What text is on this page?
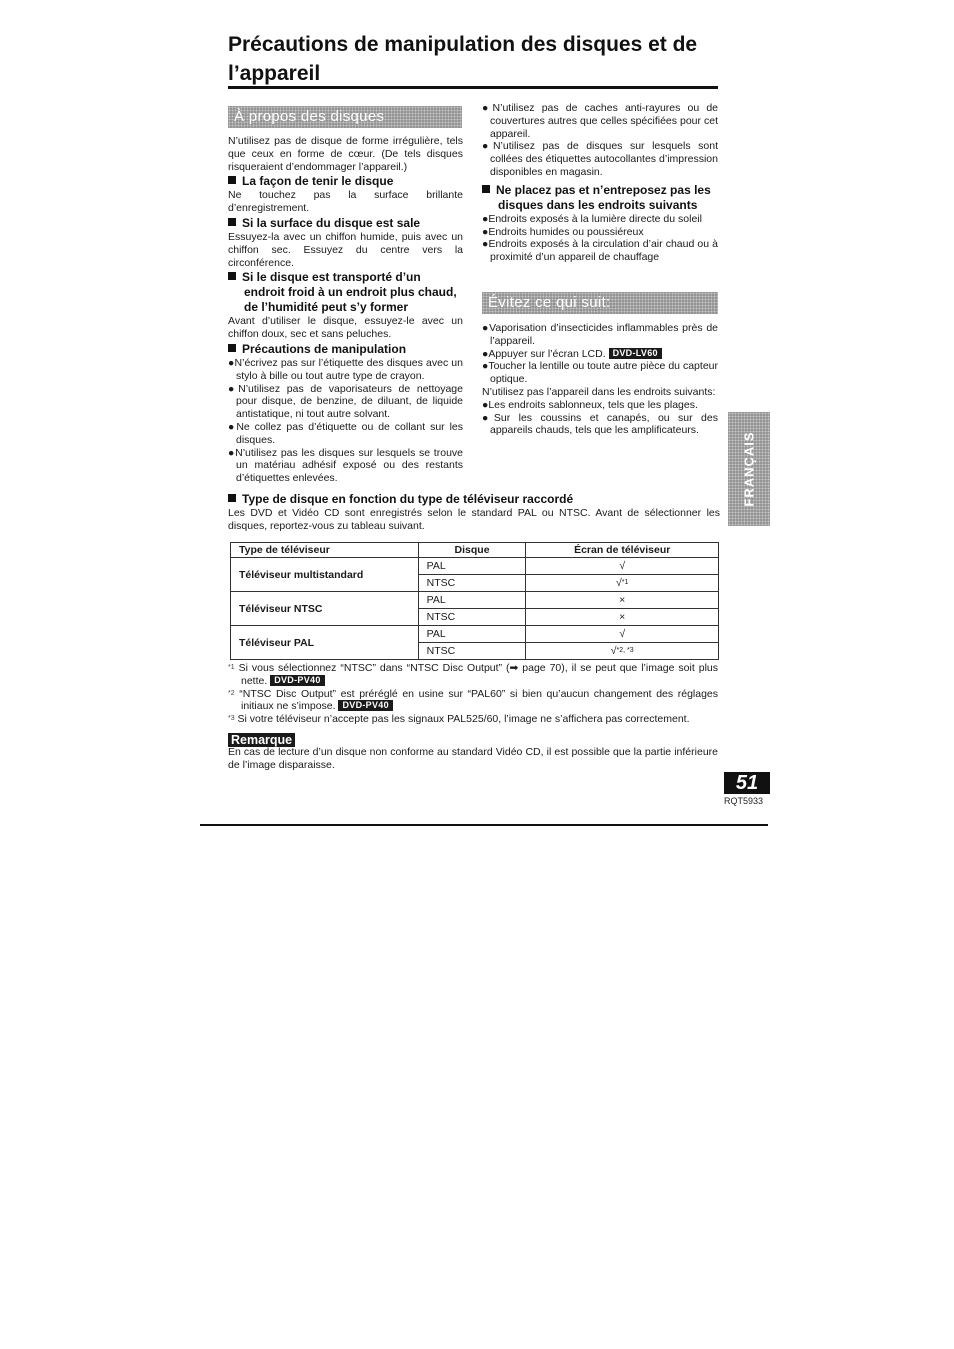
Précautions de manipulation des disques et de l’appareil
À propos des disques

N’utilisez pas de disque de forme irrégulière, tels que ceux en forme de cœur. (De tels disques risqueraient d’endommager l’appareil.)

La façon de tenir le disque

Ne touchez pas la surface brillante d’enregistrement.

Si la surface du disque est sale

Essuyez-la avec un chiffon humide, puis avec un chiffon sec. Essuyez du centre vers la circonférence.

Si le disque est transporté d’un endroit froid à un endroit plus chaud, de l’humidité peut s’y former

Avant d’utiliser le disque, essuyez-le avec un chiffon doux, sec et sans peluches.

Précautions de manipulation

●N’écrivez pas sur l’étiquette des disques avec un stylo à bille ou tout autre type de crayon.

●N’utilisez pas de vaporisateurs de nettoyage pour disque, de benzine, de diluant, de liquide antistatique, ni tout autre solvant.

●Ne collez pas d’étiquette ou de collant sur les disques.

●N’utilisez pas les disques sur lesquels se trouve un matériau adhésif exposé ou des restants d’étiquettes enlevées.

●N’utilisez pas de caches anti-rayures ou de couvertures autres que celles spécifiées pour cet appareil.

●N’utilisez pas de disques sur lesquels sont collées des étiquettes autocollantes d’impression disponibles en magasin.

Ne placez pas et n’entreposez pas les disques dans les endroits suivants

●Endroits exposés à la lumière directe du soleil

●Endroits humides ou poussiéreux

●Endroits exposés à la circulation d’air chaud ou à proximité d’un appareil de chauffage

Évitez ce qui suit:

●Vaporisation d’insecticides inflammables près de l’appareil.

●Appuyer sur l’écran LCD. DVD-LV60

●Toucher la lentille ou toute autre pièce du capteur optique.

N’utilisez pas l’appareil dans les endroits suivants:

●Les endroits sablonneux, tels que les plages.

●Sur les coussins et canapés, ou sur des appareils chauds, tels que les amplificateurs.

FRANÇAIS
Type de disque en fonction du type de téléviseur raccordé

Les DVD et Vidéo CD sont enregistrés selon le standard PAL ou NTSC. Avant de sélectionner les disques, reportez-vous zu tableau suivant.

Type de téléviseur	Disque	Écran de téléviseur
Téléviseur multistandard	PAL	√
	NTSC	√*1
Téléviseur NTSC	PAL	×
	NTSC	×
Téléviseur PAL	PAL	√
	NTSC	√*2, *3

*1 Si vous sélectionnez “NTSC” dans “NTSC Disc Output” (➡ page 70), il se peut que l’image soit plus nette. DVD-PV40

*2 “NTSC Disc Output” est préréglé en usine sur “PAL60” si bien qu’aucun changement des réglages initiaux ne s’impose. DVD-PV40

*3 Si votre téléviseur n’accepte pas les signaux PAL525/60, l’image ne s’affichera pas correctement.

Remarque
En cas de lecture d’un disque non conforme au standard Vidéo CD, il est possible que la partie inférieure de l’image disparaisse.
51
RQT5933
